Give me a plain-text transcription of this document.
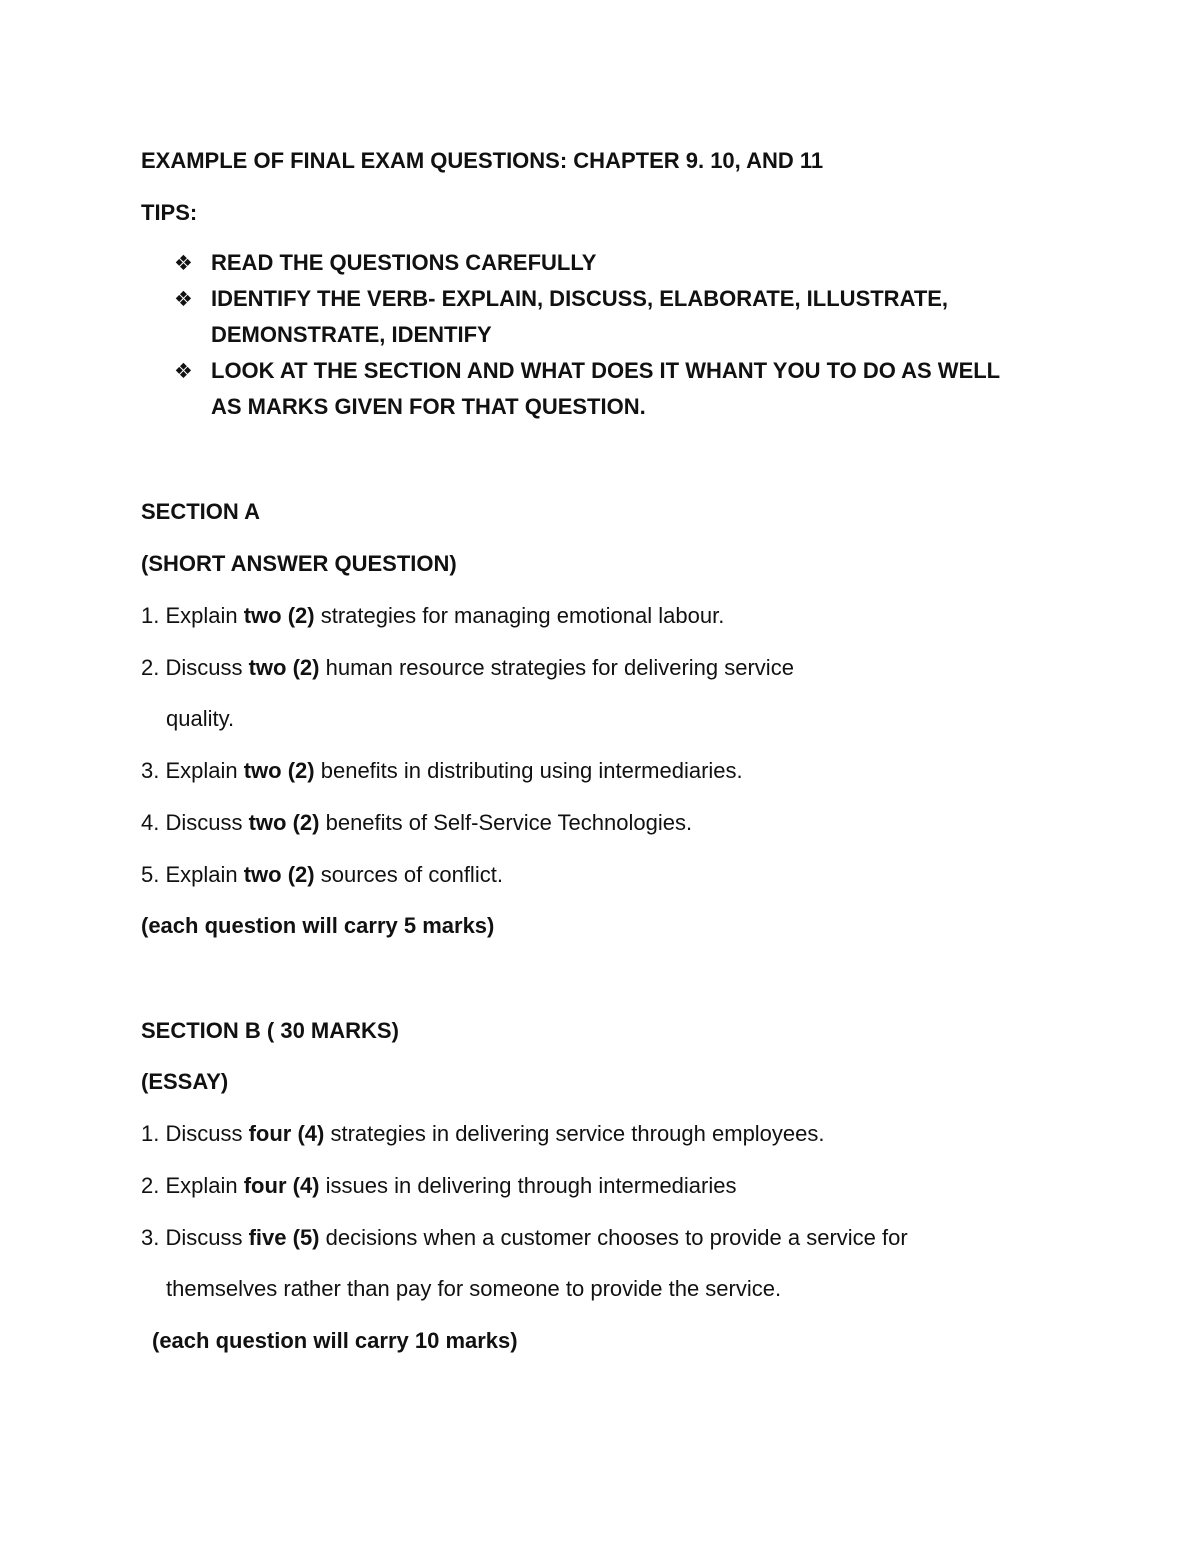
EXAMPLE OF FINAL EXAM QUESTIONS: CHAPTER 9. 10, AND 11
TIPS:
❖ READ THE QUESTIONS CAREFULLY
❖ IDENTIFY THE VERB- EXPLAIN, DISCUSS, ELABORATE, ILLUSTRATE,
DEMONSTRATE, IDENTIFY
❖ LOOK AT THE SECTION AND WHAT DOES IT WHANT YOU TO DO AS WELL
AS MARKS GIVEN FOR THAT QUESTION.
SECTION A
(SHORT ANSWER QUESTION)
1. Explain two (2) strategies for managing emotional labour.
2. Discuss two (2) human resource strategies for delivering service
quality.
3. Explain two (2) benefits in distributing using intermediaries.
4. Discuss two (2) benefits of Self-Service Technologies.
5. Explain two (2) sources of conflict.
(each question will carry 5 marks)
SECTION B ( 30 MARKS)
(ESSAY)
1. Discuss four (4) strategies in delivering service through employees.
2. Explain four (4) issues in delivering through intermediaries
3. Discuss five (5) decisions when a customer chooses to provide a service for
themselves rather than pay for someone to provide the service.
(each question will carry 10 marks)
